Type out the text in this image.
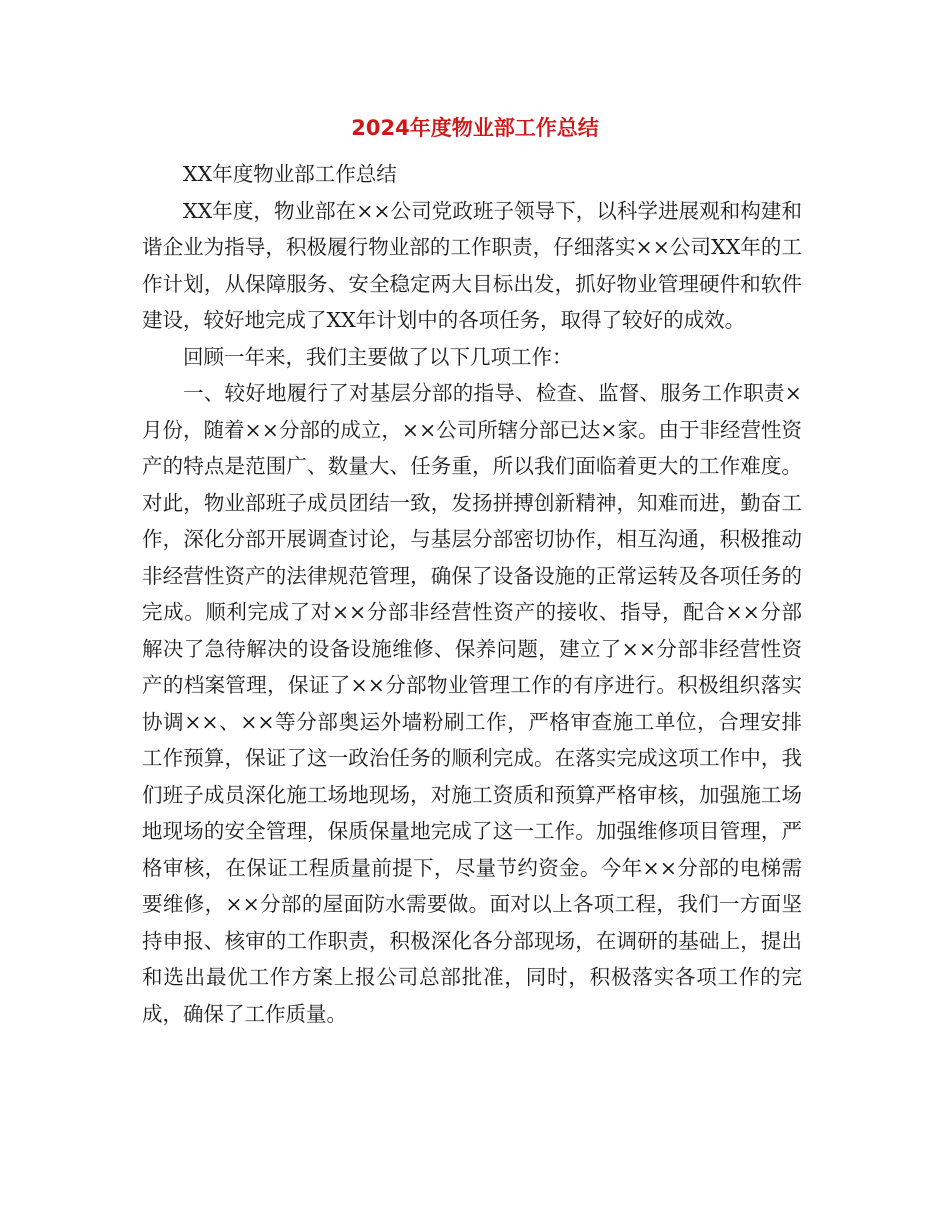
2024年度物业部工作总结

XX年度物业部工作总结

XX年度，物业部在××公司党政班子领导下，以科学进展观和构建和谐企业为指导，积极履行物业部的工作职责，仔细落实××公司XX年的工作计划，从保障服务、安全稳定两大目标出发，抓好物业管理硬件和软件建设，较好地完成了XX年计划中的各项任务，取得了较好的成效。

回顾一年来，我们主要做了以下几项工作：

一、较好地履行了对基层分部的指导、检查、监督、服务工作职责×月份，随着××分部的成立，××公司所辖分部已达×家。由于非经营性资产的特点是范围广、数量大、任务重，所以我们面临着更大的工作难度。对此，物业部班子成员团结一致，发扬拼搏创新精神，知难而进，勤奋工作，深化分部开展调查讨论，与基层分部密切协作，相互沟通，积极推动非经营性资产的法律规范管理，确保了设备设施的正常运转及各项任务的完成。顺利完成了对××分部非经营性资产的接收、指导，配合××分部解决了急待解决的设备设施维修、保养问题，建立了××分部非经营性资产的档案管理，保证了××分部物业管理工作的有序进行。积极组织落实协调××、××等分部奥运外墙粉刷工作，严格审查施工单位，合理安排工作预算，保证了这一政治任务的顺利完成。在落实完成这项工作中，我们班子成员深化施工场地现场，对施工资质和预算严格审核，加强施工场地现场的安全管理，保质保量地完成了这一工作。加强维修项目管理，严格审核，在保证工程质量前提下，尽量节约资金。今年××分部的电梯需要维修，××分部的屋面防水需要做。面对以上各项工程，我们一方面坚 持申报、核审的工作职责，积极深化各分部现场，在调研的基础上，提出和选出最优工作方案上报公司总部批准，同时，积极落实各项工作的完成，确保了工作质量。
